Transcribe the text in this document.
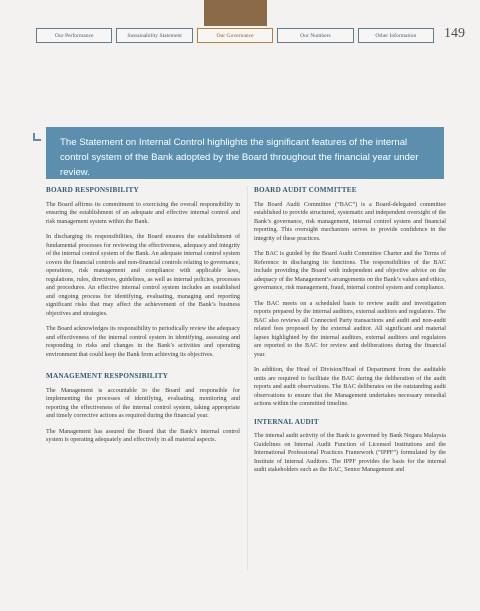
Our Performance	Sustainability Statement	Our Governance	Our Numbers	Other Information	149
The Statement on Internal Control highlights the significant features of the internal control system of the Bank adopted by the Board throughout the financial year under review.
BOARD RESPONSIBILITY

The Board affirms its commitment to exercising the overall responsibility in ensuring the establishment of an adequate and effective internal control and risk management system within the Bank.

In discharging its responsibilities, the Board ensures the establishment of fundamental processes for reviewing the effectiveness, adequacy and integrity of the internal control system of the Bank. An adequate internal control system covers the financial controls and non-financial controls relating to governance, operations, risk management and compliance with applicable laws, regulations, rules, directives, guidelines, as well as internal policies, processes and procedures. An effective internal control system includes an established and ongoing process for identifying, evaluating, managing and reporting significant risks that may affect the achievement of the Bank’s business objectives and strategies.

The Board acknowledges its responsibility to periodically review the adequacy and effectiveness of the internal control system in identifying, assessing and responding to risks and changes in the Bank’s activities and operating environment that could keep the Bank from achieving its objectives.

MANAGEMENT RESPONSIBILITY

The Management is accountable to the Board and responsible for implementing the processes of identifying, evaluating, monitoring and reporting the effectiveness of the internal control system, taking appropriate and timely corrective actions as required during the financial year.

The Management has assured the Board that the Bank’s internal control system is operating adequately and effectively in all material aspects.

BOARD AUDIT COMMITTEE

The Board Audit Committee (“BAC”) is a Board-delegated committee established to provide structured, systematic and independent oversight of the Bank’s governance, risk management, internal control system and financial reporting. This oversight mechanism serves to provide confidence in the integrity of these practices.

The BAC is guided by the Board Audit Committee Charter and the Terms of Reference in discharging its functions. The responsibilities of the BAC include providing the Board with independent and objective advice on the adequacy of the Management’s arrangements on the Bank’s values and ethics, governance, risk management, fraud, internal control system and compliance.

The BAC meets on a scheduled basis to review audit and investigation reports prepared by the internal auditors, external auditors and regulators. The BAC also reviews all Connected Party transactions and audit and non-audit related fees proposed by the external auditor. All significant and material lapses highlighted by the internal auditors, external auditors and regulators are reported to the BAC for review and deliberations during the financial year.

In addition, the Head of Division/Head of Department from the auditable units are required to facilitate the BAC during the deliberation of the audit reports and audit observations. The BAC deliberates on the outstanding audit observations to ensure that the Management undertakes necessary remedial actions within the committed timeline.

INTERNAL AUDIT

The internal audit activity of the Bank is governed by Bank Negara Malaysia Guidelines on Internal Audit Function of Licensed Institutions and the International Professional Practices Framework (“IPPF”) formulated by the Institute of Internal Auditors. The IPPF provides the basis for the internal audit stakeholders such as the BAC, Senior Management and
